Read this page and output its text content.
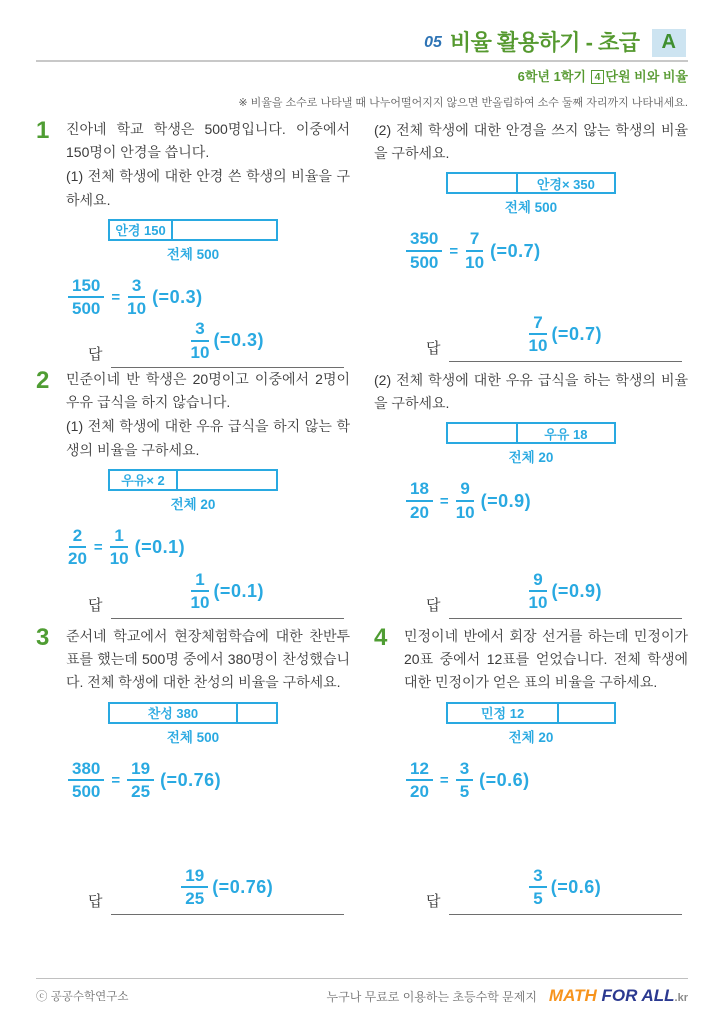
05 비율 활용하기 - 초급	A
6학년 1학기 4 단원 비와 비율
※ 비율을 소수로 나타낼 때 나누어떨어지지 않으면 반올림하여 소수 둘째 자리까지 나타내세요.
1	진아네 학교 학생은 500명입니다. 이중에서 150명이 안경을 씁니다.

(1) 전체 학생에 대한 안경 쓴 학생의 비율을 구하세요.

안경 150
전체 500
$\frac{150}{500} = \frac{3}{10} (=0.3)$
답	$\frac{3}{10} (=0.3)$

(2) 전체 학생에 대한 안경을 쓰지 않는 학생의 비율을 구하세요.

안경× 350
전체 500
$\frac{350}{500} = \frac{7}{10} (=0.7)$
답	$\frac{7}{10} (=0.7)$
2	민준이네 반 학생은 20명이고 이중에서 2명이 우유 급식을 하지 않습니다.

(1) 전체 학생에 대한 우유 급식을 하지 않는 학생의 비율을 구하세요.

우유× 2
전체 20
$\frac{2}{20} = \frac{1}{10} (=0.1)$
답	$\frac{1}{10} (=0.1)$

(2) 전체 학생에 대한 우유 급식을 하는 학생의 비율을 구하세요.

우유 18
전체 20
$\frac{18}{20} = \frac{9}{10} (=0.9)$
답	$\frac{9}{10} (=0.9)$
3	준서네 학교에서 현장체험학습에 대한 찬반투표를 했는데 500명 중에서 380명이 찬성했습니다. 전체 학생에 대한 찬성의 비율을 구하세요.

찬성 380
전체 500
$\frac{380}{500} = \frac{19}{25} (=0.76)$
답	$\frac{19}{25} (=0.76)$
4	민정이네 반에서 회장 선거를 하는데 민정이가 20표 중에서 12표를 얻었습니다. 전체 학생에 대한 민정이가 얻은 표의 비율을 구하세요.

민정 12
전체 20
$\frac{12}{20} = \frac{3}{5} (=0.6)$
답	$\frac{3}{5} (=0.6)$
ⓒ 공공수학연구소	누구나 무료로 이용하는 초등수학 문제지 MATH FOR ALL.kr
